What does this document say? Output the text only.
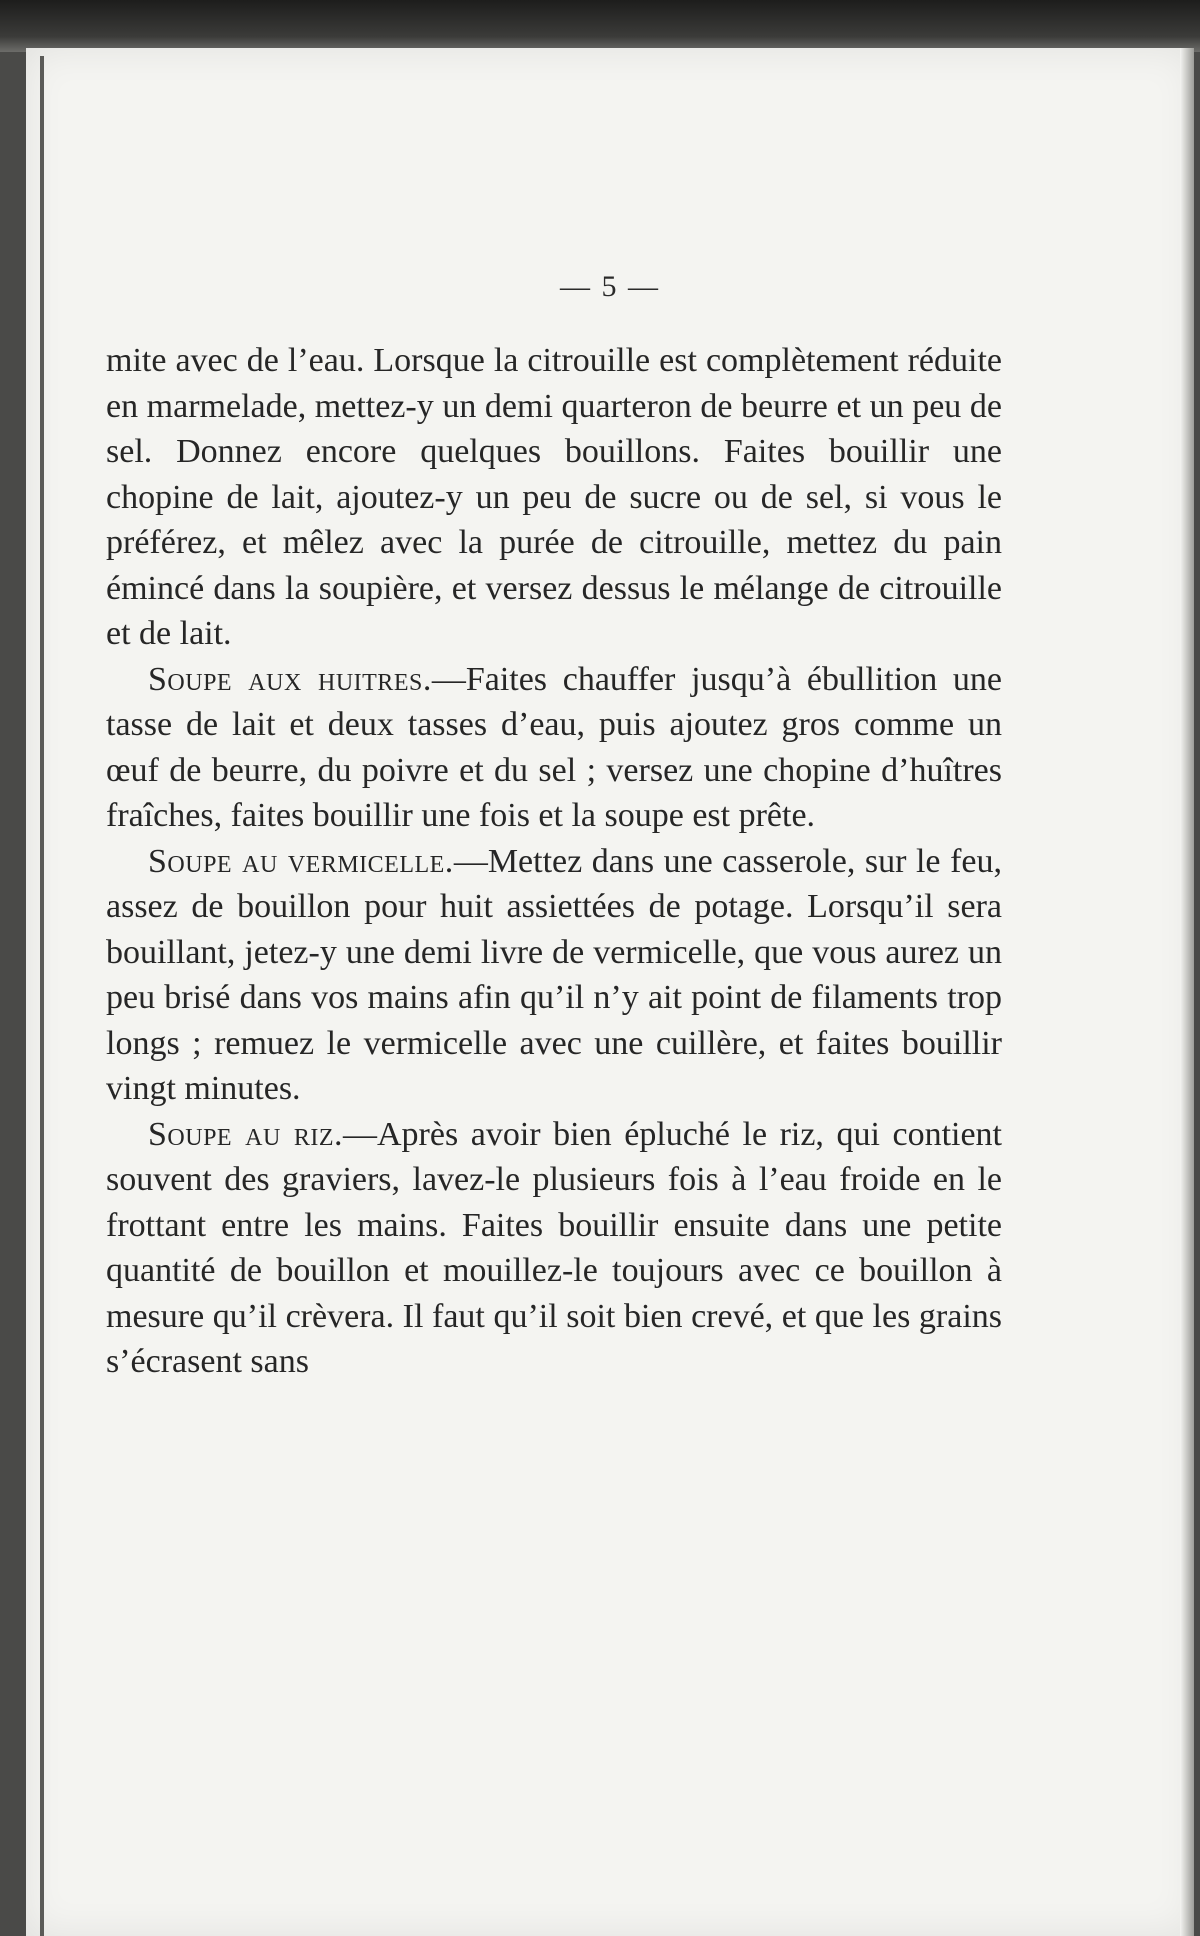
— 5 —

mite avec de l’eau. Lorsque la citrouille est complètement réduite en marmelade, mettez-y un demi quarteron de beurre et un peu de sel. Donnez encore quelques bouillons. Faites bouillir une chopine de lait, ajoutez-y un peu de sucre ou de sel, si vous le préférez, et mêlez avec la purée de citrouille, mettez du pain émincé dans la soupière, et versez dessus le mélange de citrouille et de lait.

Soupe aux huitres.—Faites chauffer jusqu’à ébullition une tasse de lait et deux tasses d’eau, puis ajoutez gros comme un œuf de beurre, du poivre et du sel ; versez une chopine d’huîtres fraîches, faites bouillir une fois et la soupe est prête.

Soupe au vermicelle.—Mettez dans une casserole, sur le feu, assez de bouillon pour huit assiettées de potage. Lorsqu’il sera bouillant, jetez-y une demi livre de vermicelle, que vous aurez un peu brisé dans vos mains afin qu’il n’y ait point de filaments trop longs ; remuez le vermicelle avec une cuillère, et faites bouillir vingt minutes.

Soupe au riz.—Après avoir bien épluché le riz, qui contient souvent des graviers, lavez-le plusieurs fois à l’eau froide en le frottant entre les mains. Faites bouillir ensuite dans une petite quantité de bouillon et mouillez-le toujours avec ce bouillon à mesure qu’il crèvera. Il faut qu’il soit bien crevé, et que les grains s’écrasent sans
